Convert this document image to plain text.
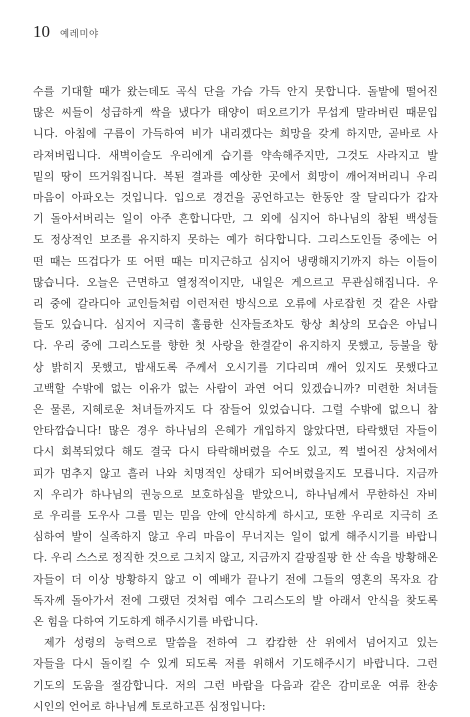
10 예레미야

수를 기대할 때가 왔는데도 곡식 단을 가슴 가득 안지 못합니다. 돌밭에 떨어진
많은 씨들이 성급하게 싹을 냈다가 태양이 떠오르기가 무섭게 말라버린 때문입
니다. 아침에 구름이 가득하여 비가 내리겠다는 희망을 갖게 하지만, 곧바로 사
라져버립니다. 새벽이슬도 우리에게 습기를 약속해주지만, 그것도 사라지고 발
밑의 땅이 뜨거워집니다. 복된 결과를 예상한 곳에서 희망이 깨어져버리니 우리
마음이 아파오는 것입니다. 입으로 경건을 공언하고는 한동안 잘 달리다가 갑자
기 돌아서버리는 일이 아주 흔합니다만, 그 외에 심지어 하나님의 참된 백성들
도 정상적인 보조를 유지하지 못하는 예가 허다합니다. 그리스도인들 중에는 어
떤 때는 뜨겁다가 또 어떤 때는 미지근하고 심지어 냉랭해지기까지 하는 이들이
많습니다. 오늘은 근면하고 열정적이지만, 내일은 게으르고 무관심해집니다. 우
리 중에 갈라디아 교인들처럼 이런저런 방식으로 오류에 사로잡힌 것 같은 사람
들도 있습니다. 심지어 지극히 훌륭한 신자들조차도 항상 최상의 모습은 아닙니
다. 우리 중에 그리스도를 향한 첫 사랑을 한결같이 유지하지 못했고, 등불을 항
상 밝히지 못했고, 밤새도록 주께서 오시기를 기다리며 깨어 있지도 못했다고
고백할 수밖에 없는 이유가 없는 사람이 과연 어디 있겠습니까? 미련한 처녀들
은 물론, 지혜로운 처녀들까지도 다 잠들어 있었습니다. 그럴 수밖에 없으니 참
안타깝습니다! 많은 경우 하나님의 은혜가 개입하지 않았다면, 타락했던 자들이
다시 회복되었다 해도 결국 다시 타락해버렸을 수도 있고, 찍 벌어진 상처에서
피가 멈추지 않고 흘러 나와 치명적인 상태가 되어버렸을지도 모릅니다. 지금까
지 우리가 하나님의 권능으로 보호하심을 받았으니, 하나님께서 무한하신 자비
로 우리를 도우사 그를 믿는 믿음 안에 안식하게 하시고, 또한 우리로 지극히 조
심하여 발이 실족하지 않고 우리 마음이 무너지는 일이 없게 해주시기를 바랍니
다. 우리 스스로 정직한 것으로 그치지 않고, 지금까지 갈팡질팡 한 산 속을 방황해온
자들이 더 이상 방황하지 않고 이 예배가 끝나기 전에 그들의 영혼의 목자요 감
독자께 돌아가서 전에 그랬던 것처럼 예수 그리스도의 발 아래서 안식을 찾도록
온 힘을 다하여 기도하게 해주시기를 바랍니다.

제가 성령의 능력으로 말씀을 전하여 그 캄캄한 산 위에서 넘어지고 있는
자들을 다시 돌이킬 수 있게 되도록 저를 위해서 기도해주시기 바랍니다. 그런
기도의 도움을 절감합니다. 저의 그런 바람을 다음과 같은 감미로운 여류 찬송
시인의 언어로 하나님께 토로하고픈 심정입니다:
